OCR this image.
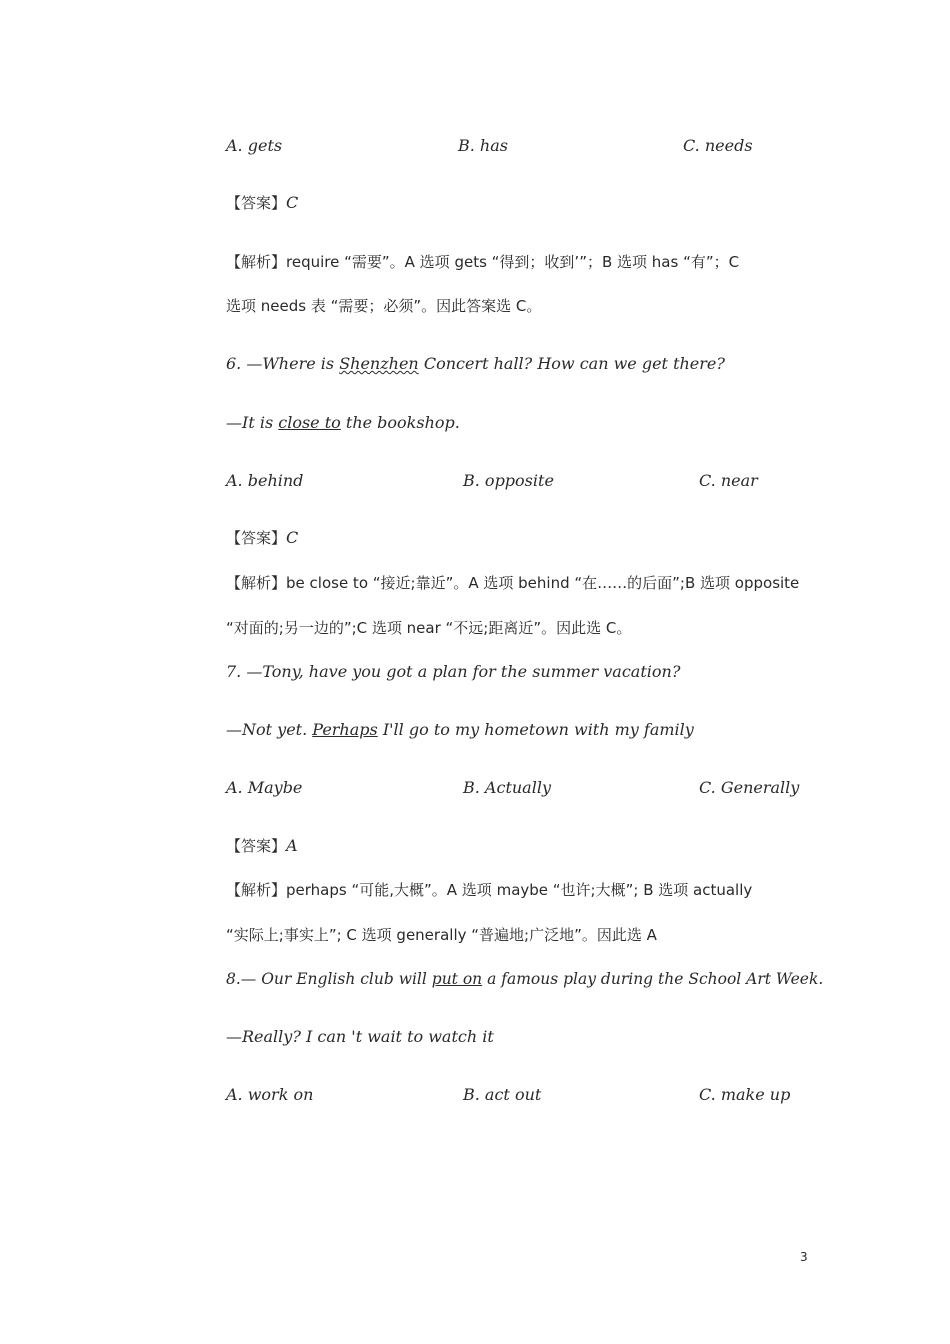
A. gets	B. has	C. needs
【答案】C
【解析】require “需要”。A 选项 gets “得到；收到’”；B 选项 has “有”；C
选项 needs 表 “需要；必须”。因此答案选 C。
6. —Where is Shenzhen Concert hall? How can we get there?
—It is close to the bookshop.
A. behind	B. opposite	C. near
【答案】C
【解析】be close to “接近;靠近”。A 选项 behind “在……的后面”;B 选项 opposite
“对面的;另一边的”;C 选项 near “不远;距离近”。因此选 C。
7. —Tony, have you got a plan for the summer vacation?
—Not yet. Perhaps I'll go to my hometown with my family
A. Maybe	B. Actually	C. Generally
【答案】A
【解析】perhaps “可能,大概”。A 选项 maybe “也许;大概”; B 选项 actually
“实际上;事实上”; C 选项 generally “普遍地;广泛地”。因此选 A
8.— Our English club will put on a famous play during the School Art Week.
—Really? I can 't wait to watch it
A. work on	B. act out	C. make up
3
